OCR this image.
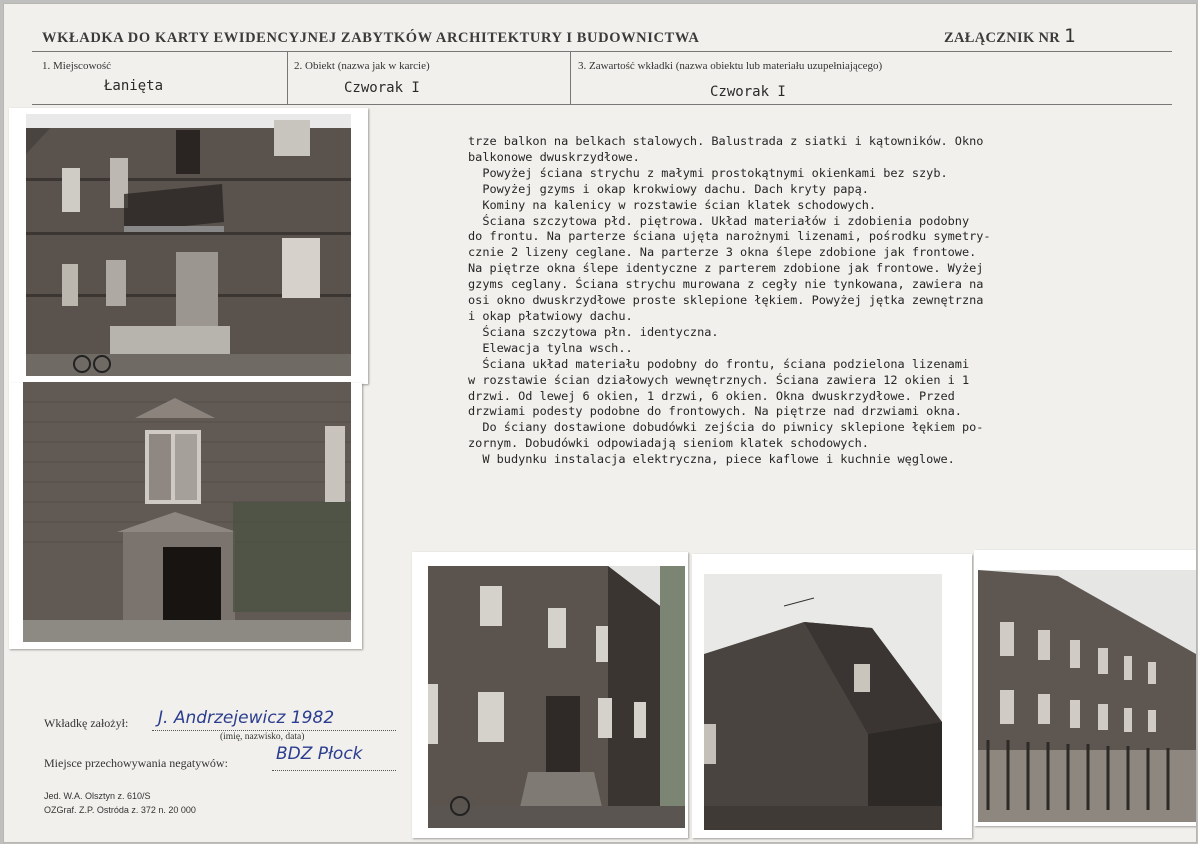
WKŁADKA DO KARTY EWIDENCYJNEJ ZABYTKÓW ARCHITEKTURY I BUDOWNICTWA	ZAŁĄCZNIK NR 1
1. Miejscowość
Łanięta
2. Obiekt (nazwa jak w karcie)
Czworak I
3. Zawartość wkładki (nazwa obiektu lub materiału uzupełniającego)
Czworak I
trze balkon na belkach stalowych. Balustrada z siatki i kątowników. Okno
balkonowe dwuskrzydłowe.
Powyżej ściana strychu z małymi prostokątnymi okienkami bez szyb.
Powyżej gzyms i okap krokwiowy dachu. Dach kryty papą.
Kominy na kalenicy w rozstawie ścian klatek schodowych.
Ściana szczytowa płd. piętrowa. Układ materiałów i zdobienia podobny
do frontu. Na parterze ściana ujęta narożnymi lizenami, pośrodku symetry-
cznie 2 lizeny ceglane. Na parterze 3 okna ślepe zdobione jak frontowe.
Na piętrze okna ślepe identyczne z parterem zdobione jak frontowe. Wyżej
gzyms ceglany. Ściana strychu murowana z cegły nie tynkowana, zawiera na
osi okno dwuskrzydłowe proste sklepione łękiem. Powyżej jętka zewnętrzna
i okap płatwiowy dachu.
Ściana szczytowa płn. identyczna.
Elewacja tylna wsch..
Ściana układ materiału podobny do frontu, ściana podzielona lizenami
w rozstawie ścian działowych wewnętrznych. Ściana zawiera 12 okien i 1
drzwi. Od lewej 6 okien, 1 drzwi, 6 okien. Okna dwuskrzydłowe. Przed
drzwiami podesty podobne do frontowych. Na piętrze nad drzwiami okna.
Do ściany dostawione dobudówki zejścia do piwnicy sklepione łękiem po-
zornym. Dobudówki odpowiadają sieniom klatek schodowych.
W budynku instalacja elektryczna, piece kaflowe i kuchnie węglowe.
Wkładkę założył: J. Andrzejewicz 1982
(imię, nazwisko, data)
Miejsce przechowywania negatywów:	BDZ Płock
Jed. W.A. Olsztyn z. 610/S
OZGraf. Z.P. Ostróda z. 372 n. 20 000
